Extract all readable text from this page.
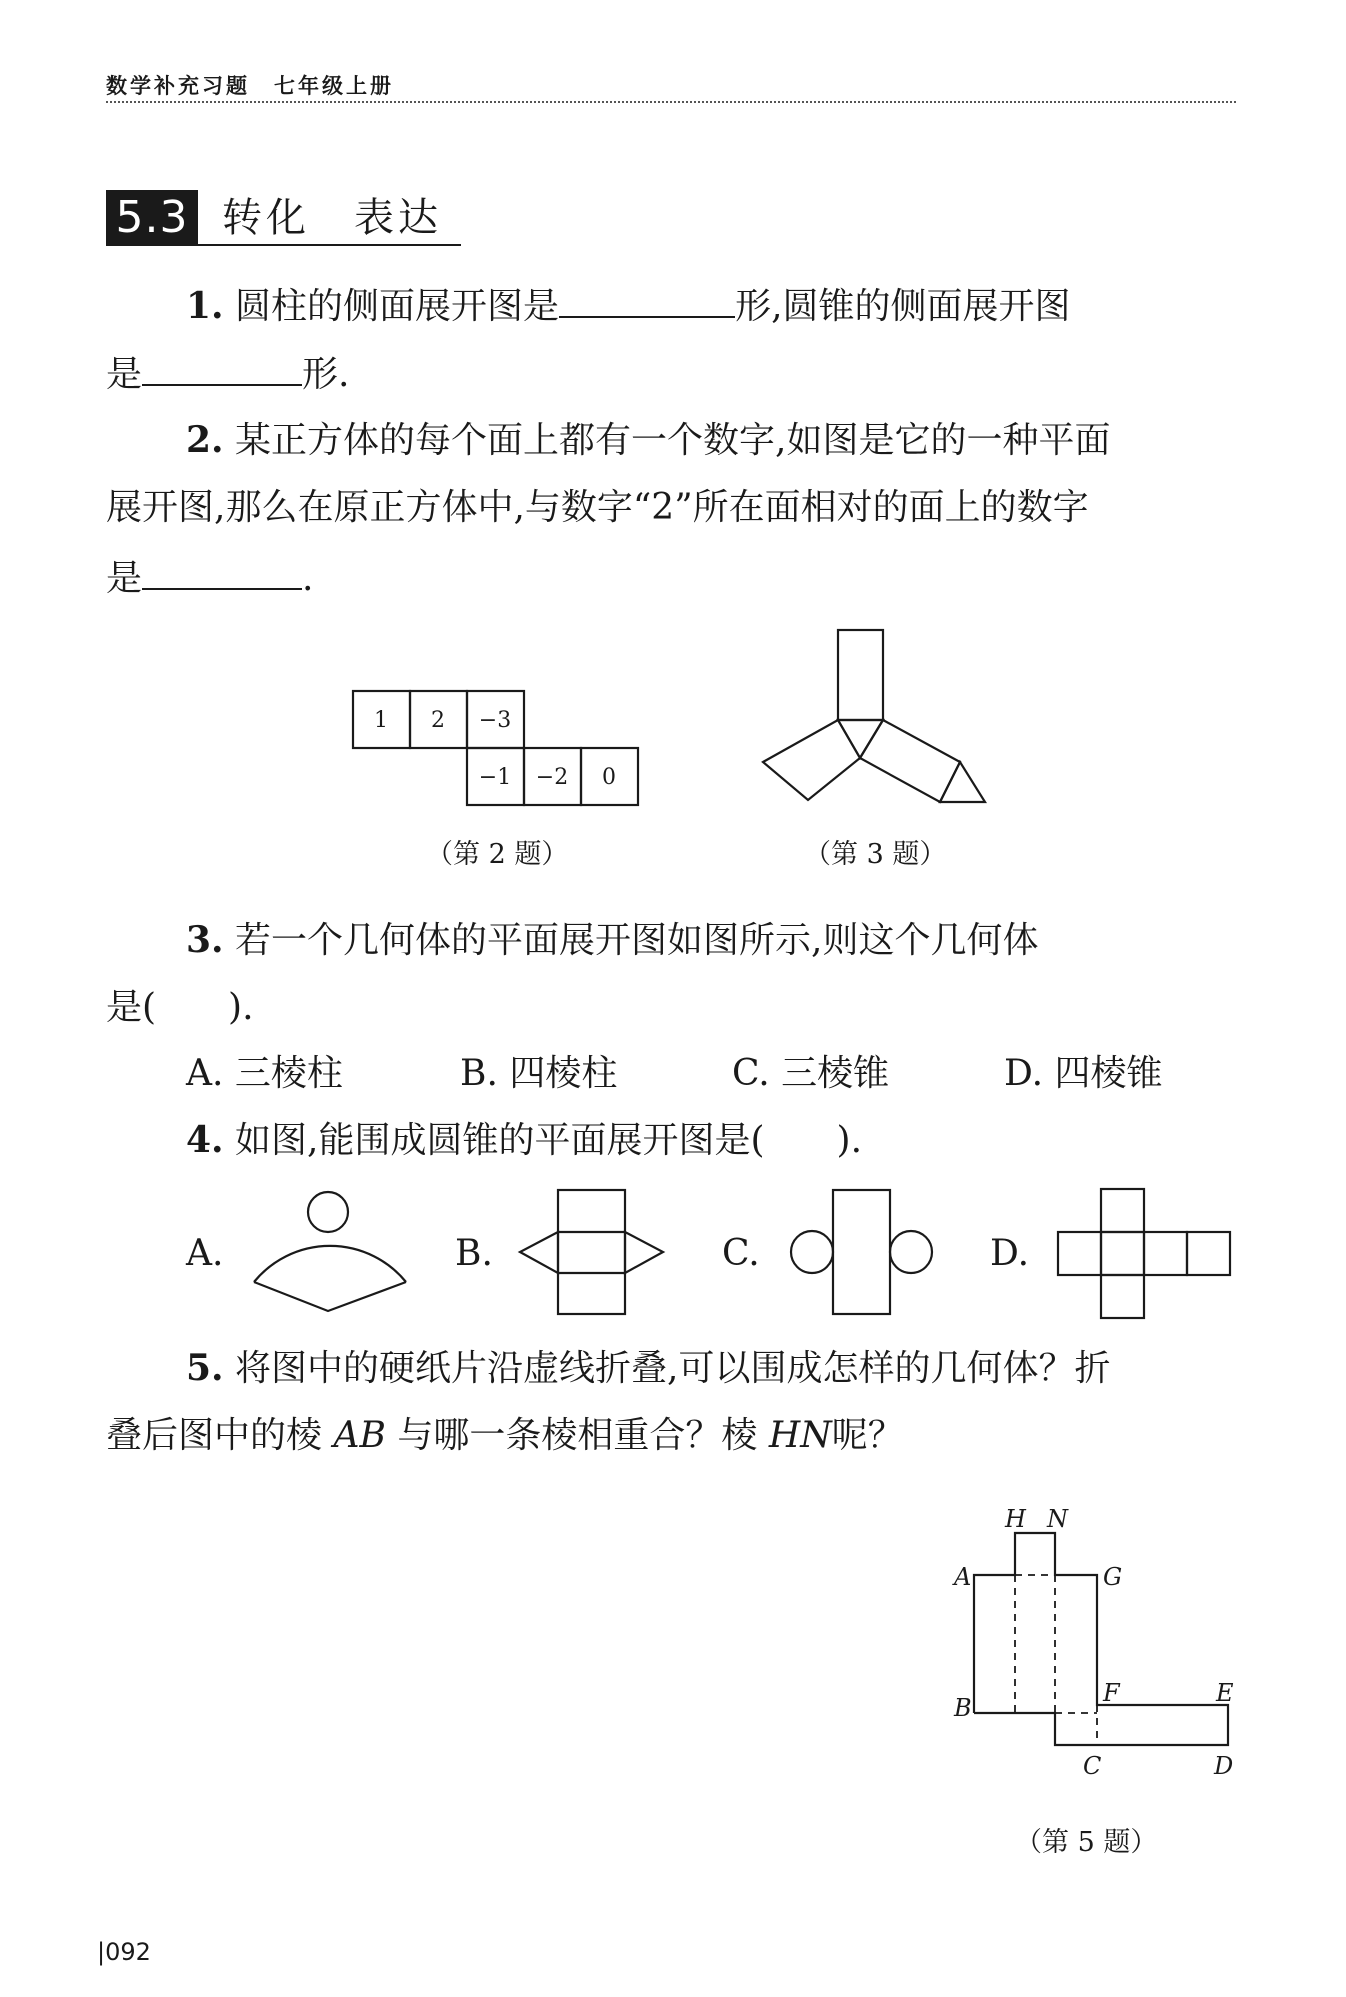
数学补充习题　七年级上册
5.3 转化　表达
1. 圆柱的侧面展开图是	形,圆锥的侧面展开图
是	形.
2. 某正方体的每个面上都有一个数字,如图是它的一种平面
展开图,那么在原正方体中,与数字“2”所在面相对的面上的数字
是	.
1 2 −3
−1 −2 0
H N
A	G
B
F	E
C	D
（第 2 题）	（第 3 题）
3. 若一个几何体的平面展开图如图所示,则这个几何体
是(　　).
A. 三棱柱	B. 四棱柱	C. 三棱锥	D. 四棱锥
4. 如图,能围成圆锥的平面展开图是(　　).
A.	B.	C.	D.
5. 将图中的硬纸片沿虚线折叠,可以围成怎样的几何体？折
叠后图中的棱 AB 与哪一条棱相重合？棱 HN呢？
（第 5 题）
|092
